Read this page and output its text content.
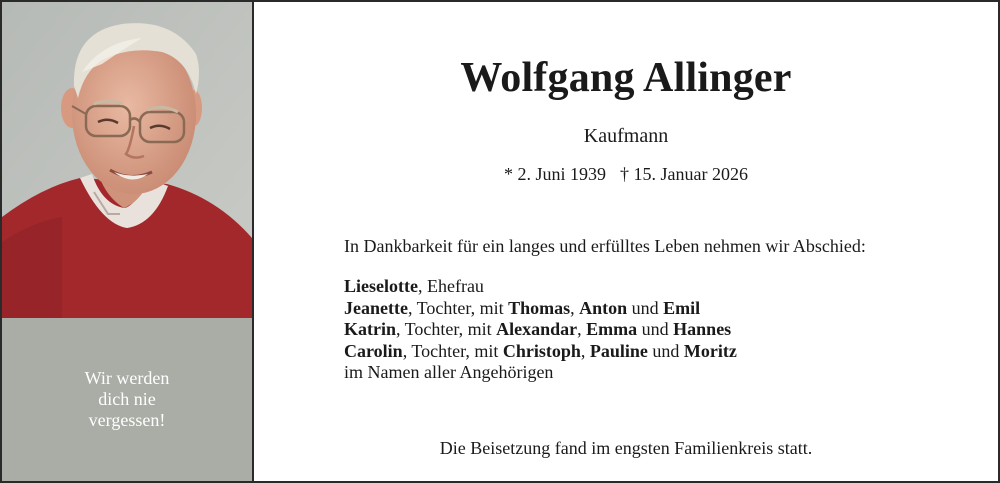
Wir werden
dich nie
vergessen!
Wolfgang Allinger
Kaufmann
* 2. Juni 1939 † 15. Januar 2026
In Dankbarkeit für ein langes und erfülltes Leben nehmen wir Abschied:
Lieselotte, Ehefrau
Jeanette, Tochter, mit Thomas, Anton und Emil
Katrin, Tochter, mit Alexandar, Emma und Hannes
Carolin, Tochter, mit Christoph, Pauline und Moritz
im Namen aller Angehörigen
Die Beisetzung fand im engsten Familienkreis statt.
